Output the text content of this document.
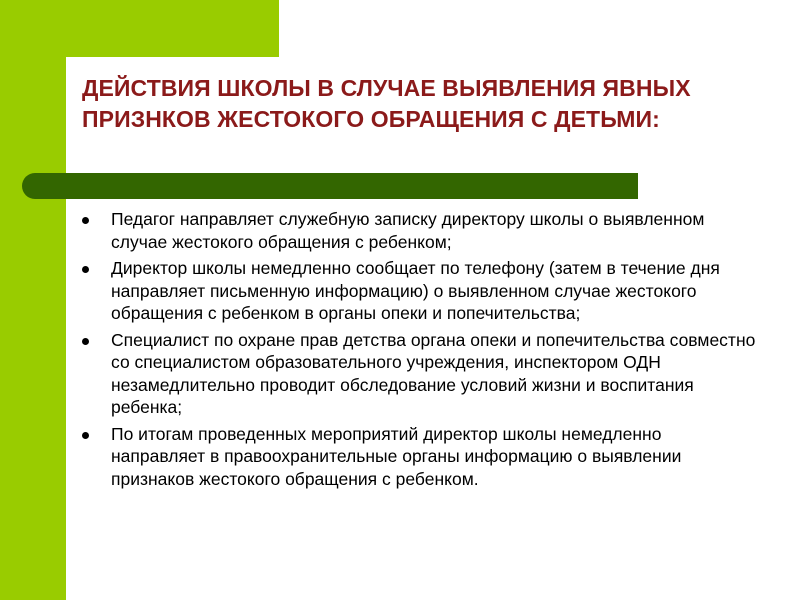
ДЕЙСТВИЯ ШКОЛЫ В СЛУЧАЕ ВЫЯВЛЕНИЯ ЯВНЫХ ПРИЗНКОВ ЖЕСТОКОГО ОБРАЩЕНИЯ С ДЕТЬМИ:
Педагог направляет служебную записку директору школы о выявленном случае жестокого обращения с ребенком;
Директор школы немедленно сообщает по телефону (затем в течение дня направляет письменную информацию) о выявленном случае жестокого обращения с ребенком в органы опеки и попечительства;
Специалист по охране прав детства органа опеки и попечительства совместно со специалистом образовательного учреждения, инспектором ОДН незамедлительно проводит обследование условий жизни и воспитания ребенка;
По итогам проведенных мероприятий директор школы немедленно направляет в правоохранительные органы информацию о выявлении признаков жестокого обращения с ребенком.
